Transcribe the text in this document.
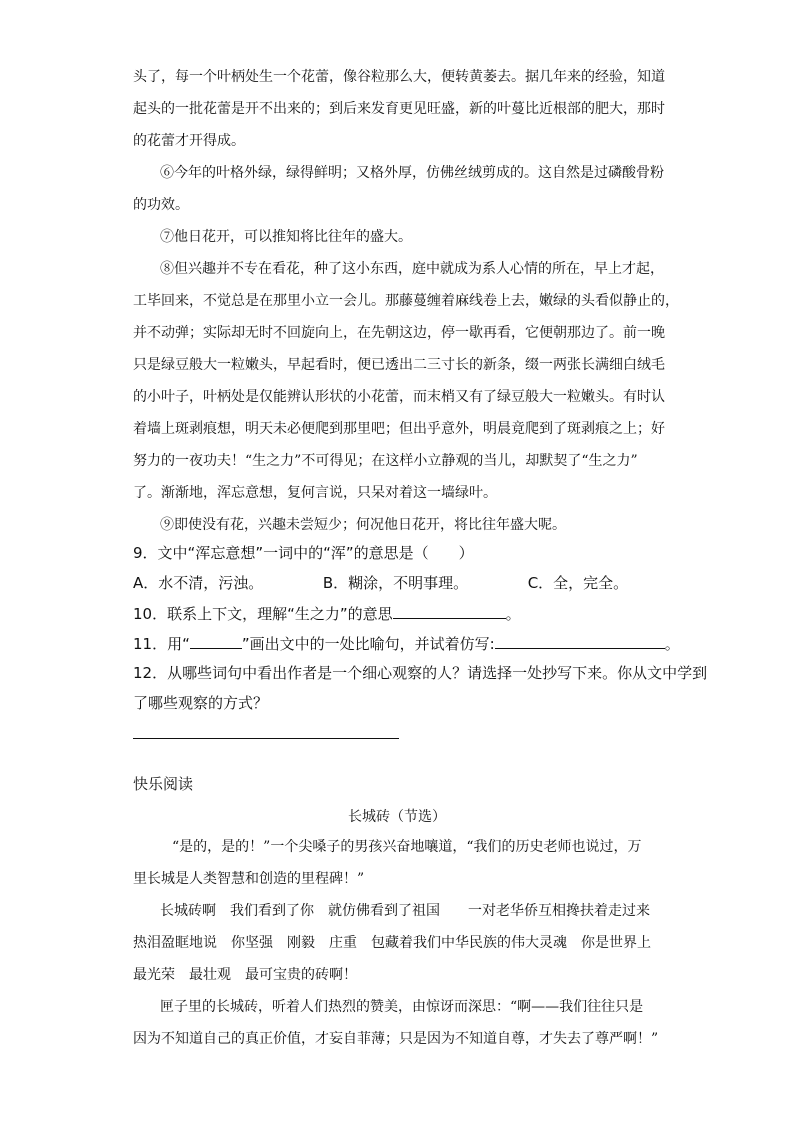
头了，每一个叶柄处生一个花蕾，像谷粒那么大，便转黄萎去。据几年来的经验，知道
起头的一批花蕾是开不出来的；到后来发育更见旺盛，新的叶蔓比近根部的肥大，那时
的花蕾才开得成。
⑥今年的叶格外绿，绿得鲜明；又格外厚，仿佛丝绒剪成的。这自然是过磷酸骨粉
的功效。
⑦他日花开，可以推知将比往年的盛大。
⑧但兴趣并不专在看花，种了这小东西，庭中就成为系人心情的所在，早上才起，
工毕回来，不觉总是在那里小立一会儿。那藤蔓缠着麻线卷上去，嫩绿的头看似静止的，
并不动弹；实际却无时不回旋向上，在先朝这边，停一歇再看，它便朝那边了。前一晚
只是绿豆般大一粒嫩头，早起看时，便已透出二三寸长的新条，缀一两张长满细白绒毛
的小叶子，叶柄处是仅能辨认形状的小花蕾，而末梢又有了绿豆般大一粒嫩头。有时认
着墙上斑剥痕想，明天未必便爬到那里吧；但出乎意外，明晨竟爬到了斑剥痕之上；好
努力的一夜功夫！“生之力”不可得见；在这样小立静观的当儿，却默契了“生之力”
了。渐渐地，浑忘意想，复何言说，只呆对着这一墙绿叶。
⑨即使没有花，兴趣未尝短少；何况他日花开，将比往年盛大呢。
9．文中“浑忘意想”一词中的“浑”的意思是（　　）
A．水不清，污浊。	B．糊涂，不明事理。	C．全，完全。
10．联系上下文，理解“生之力”的意思	。
11．用“	”画出文中的一处比喻句，并试着仿写:	。
12．从哪些词句中看出作者是一个细心观察的人？请选择一处抄写下来。你从文中学到
了哪些观察的方式？
快乐阅读
长城砖（节选）
“是的，是的！”一个尖嗓子的男孩兴奋地嚷道，“我们的历史老师也说过，万
里长城是人类智慧和创造的里程碑！”
长城砖啊　我们看到了你　就仿佛看到了祖国　　一对老华侨互相搀扶着走过来
热泪盈眶地说　你坚强　刚毅　庄重　包藏着我们中华民族的伟大灵魂　你是世界上
最光荣　最壮观　最可宝贵的砖啊！
匣子里的长城砖，听着人们热烈的赞美，由惊讶而深思：“啊——我们往往只是
因为不知道自己的真正价值，才妄自菲薄；只是因为不知道自尊，才失去了尊严啊！”
